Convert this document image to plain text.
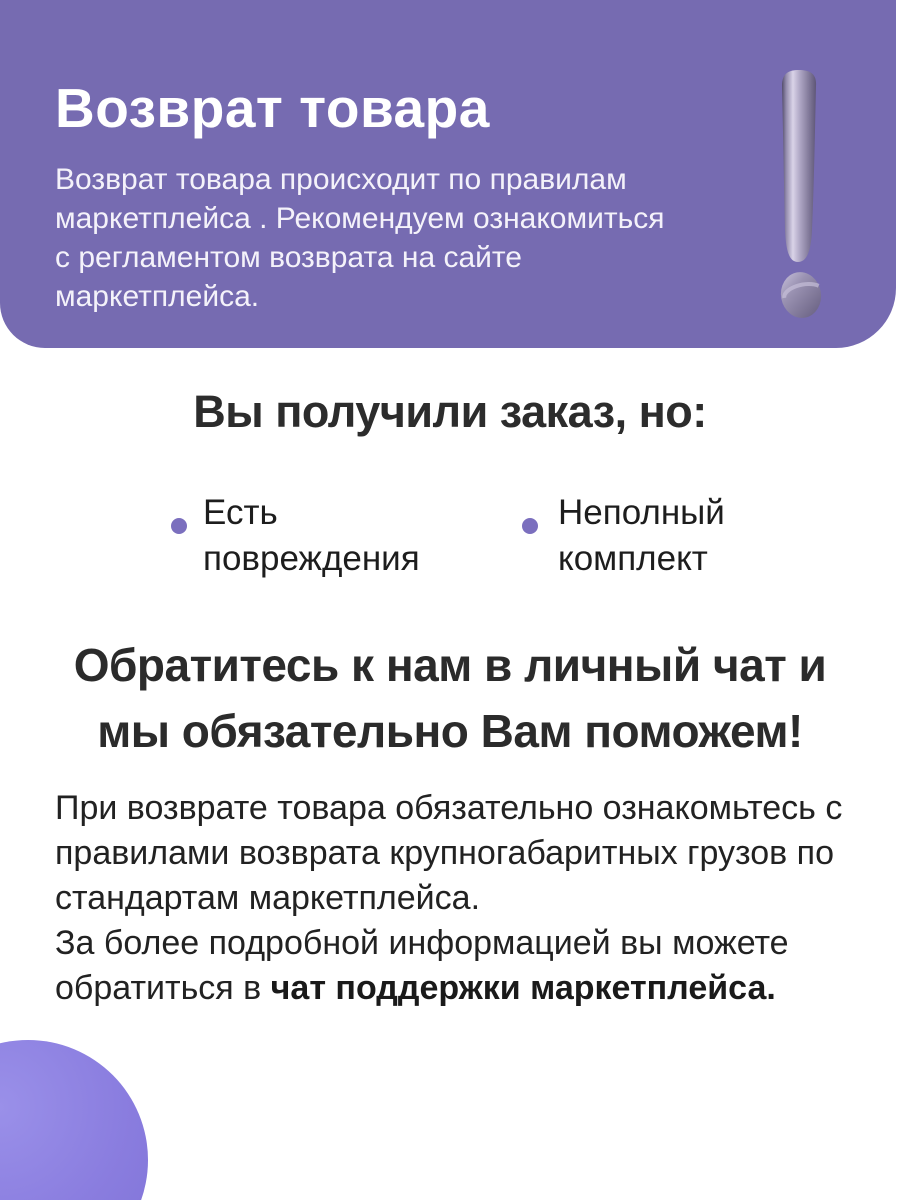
Возврат товара
Возврат товара происходит по правилам
маркетплейса . Рекомендуем ознакомиться
с регламентом возврата на сайте
маркетплейса.
Вы получили заказ, но:
Есть
повреждения
Неполный
комплект
Обратитесь к нам в личный чат и
мы обязательно Вам поможем!
При возврате товара обязательно ознакомьтесь с
правилами возврата крупногабаритных грузов по
стандартам маркетплейса.
За более подробной информацией вы можете
обратиться в чат поддержки маркетплейса.
